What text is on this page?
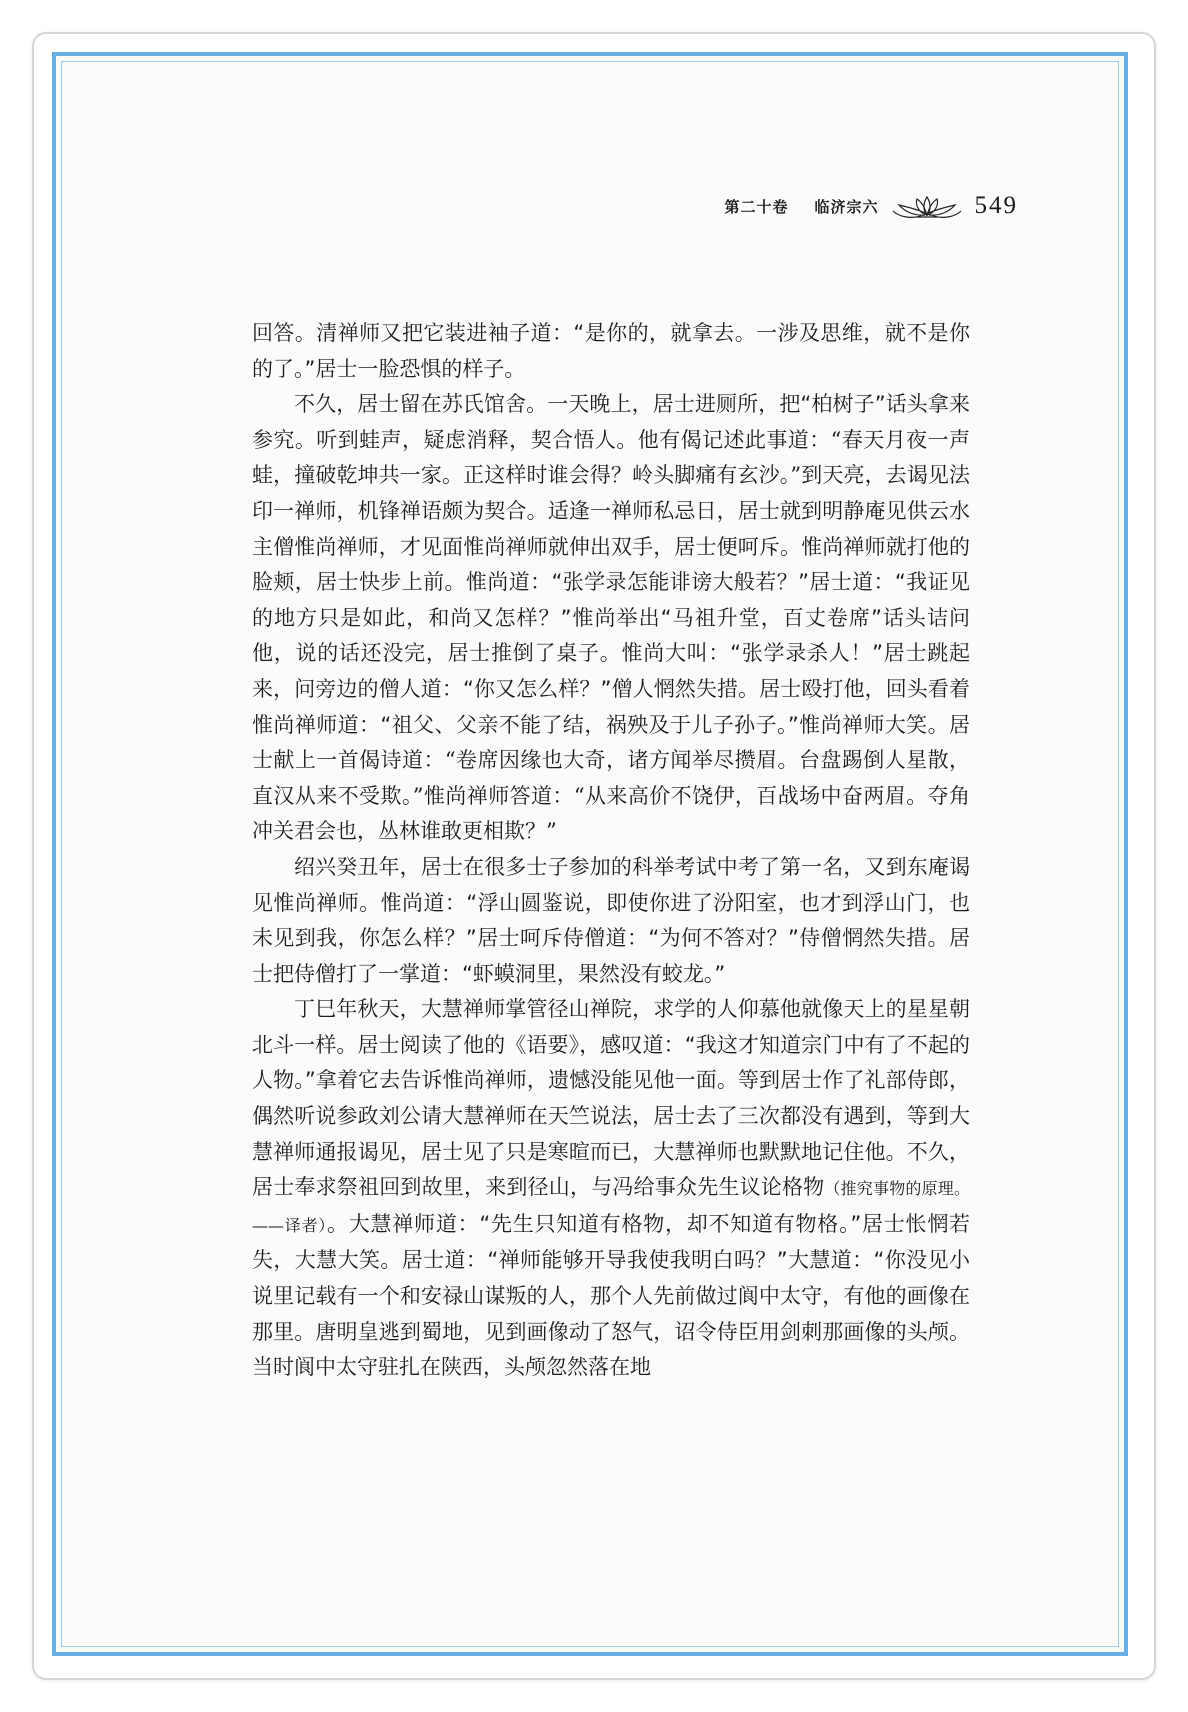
第二十卷 临济宗六	549

回答。清禅师又把它装进袖子道：“是你的，就拿去。一涉及思维，就不是你的了。”居士一脸恐惧的样子。

不久，居士留在苏氏馆舍。一天晚上，居士进厕所，把“柏树子”话头拿来参究。听到蛙声，疑虑消释，契合悟人。他有偈记述此事道：“春天月夜一声蛙，撞破乾坤共一家。正这样时谁会得？岭头脚痛有玄沙。”到天亮，去谒见法印一禅师，机锋禅语颇为契合。适逢一禅师私忌日，居士就到明静庵见供云水主僧惟尚禅师，才见面惟尚禅师就伸出双手，居士便呵斥。惟尚禅师就打他的脸颊，居士快步上前。惟尚道：“张学录怎能诽谤大般若？”居士道：“我证见的地方只是如此，和尚又怎样？”惟尚举出“马祖升堂，百丈卷席”话头诘问他，说的话还没完，居士推倒了桌子。惟尚大叫：“张学录杀人！”居士跳起来，问旁边的僧人道：“你又怎么样？”僧人惘然失措。居士殴打他，回头看着惟尚禅师道：“祖父、父亲不能了结，祸殃及于儿子孙子。”惟尚禅师大笑。居士献上一首偈诗道：“卷席因缘也大奇，诸方闻举尽攒眉。台盘踢倒人星散，直汉从来不受欺。”惟尚禅师答道：“从来高价不饶伊，百战场中奋两眉。夺角冲关君会也，丛林谁敢更相欺？”

绍兴癸丑年，居士在很多士子参加的科举考试中考了第一名，又到东庵谒见惟尚禅师。惟尚道：“浮山圆鉴说，即使你进了汾阳室，也才到浮山门，也未见到我，你怎么样？”居士呵斥侍僧道：“为何不答对？”侍僧惘然失措。居士把侍僧打了一掌道：“虾蟆洞里，果然没有蛟龙。”

丁巳年秋天，大慧禅师掌管径山禅院，求学的人仰慕他就像天上的星星朝北斗一样。居士阅读了他的《语要》，感叹道：“我这才知道宗门中有了不起的人物。”拿着它去告诉惟尚禅师，遗憾没能见他一面。等到居士作了礼部侍郎，偶然听说参政刘公请大慧禅师在天竺说法，居士去了三次都没有遇到，等到大慧禅师通报谒见，居士见了只是寒暄而已，大慧禅师也默默地记住他。不久，居士奉求祭祖回到故里，来到径山，与冯给事众先生议论格物（推究事物的原理。——译者）。大慧禅师道：“先生只知道有格物，却不知道有物格。”居士怅惘若失，大慧大笑。居士道：“禅师能够开导我使我明白吗？”大慧道：“你没见小说里记载有一个和安禄山谋叛的人，那个人先前做过阆中太守，有他的画像在那里。唐明皇逃到蜀地，见到画像动了怒气，诏令侍臣用剑刺那画像的头颅。当时阆中太守驻扎在陕西，头颅忽然落在地
